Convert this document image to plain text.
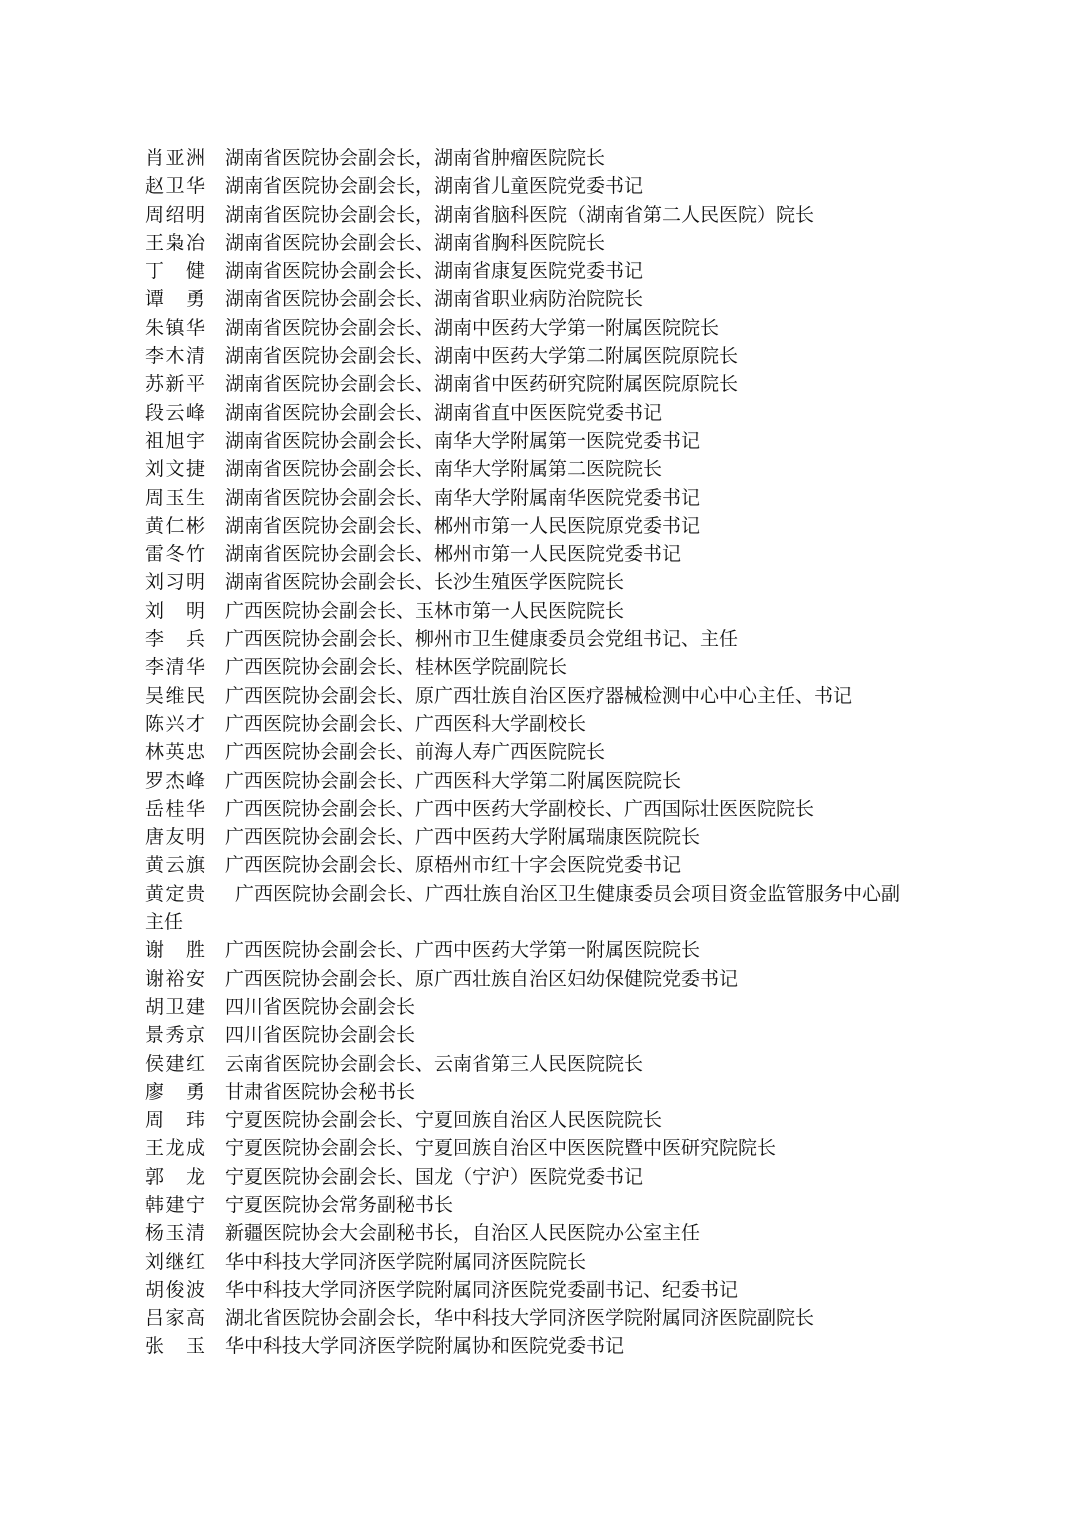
肖亚洲 湖南省医院协会副会长，湖南省肿瘤医院院长
赵卫华 湖南省医院协会副会长，湖南省儿童医院党委书记
周绍明 湖南省医院协会副会长，湖南省脑科医院（湖南省第二人民医院）院长
王枭冶 湖南省医院协会副会长、湖南省胸科医院院长
丁　健 湖南省医院协会副会长、湖南省康复医院党委书记
谭　勇 湖南省医院协会副会长、湖南省职业病防治院院长
朱镇华 湖南省医院协会副会长、湖南中医药大学第一附属医院院长
李木清 湖南省医院协会副会长、湖南中医药大学第二附属医院原院长
苏新平 湖南省医院协会副会长、湖南省中医药研究院附属医院原院长
段云峰 湖南省医院协会副会长、湖南省直中医医院党委书记
祖旭宇 湖南省医院协会副会长、南华大学附属第一医院党委书记
刘文捷 湖南省医院协会副会长、南华大学附属第二医院院长
周玉生 湖南省医院协会副会长、南华大学附属南华医院党委书记
黄仁彬 湖南省医院协会副会长、郴州市第一人民医院原党委书记
雷冬竹 湖南省医院协会副会长、郴州市第一人民医院党委书记
刘习明 湖南省医院协会副会长、长沙生殖医学医院院长
刘　明 广西医院协会副会长、玉林市第一人民医院院长
李　兵 广西医院协会副会长、柳州市卫生健康委员会党组书记、主任
李清华 广西医院协会副会长、桂林医学院副院长
吴维民 广西医院协会副会长、原广西壮族自治区医疗器械检测中心中心主任、书记
陈兴才 广西医院协会副会长、广西医科大学副校长
林英忠 广西医院协会副会长、前海人寿广西医院院长
罗杰峰 广西医院协会副会长、广西医科大学第二附属医院院长
岳桂华 广西医院协会副会长、广西中医药大学副校长、广西国际壮医医院院长
唐友明 广西医院协会副会长、广西中医药大学附属瑞康医院院长
黄云旗 广西医院协会副会长、原梧州市红十字会医院党委书记
黄定贵 广西医院协会副会长、广西壮族自治区卫生健康委员会项目资金监管服务中心副
主任
谢　胜 广西医院协会副会长、广西中医药大学第一附属医院院长
谢裕安 广西医院协会副会长、原广西壮族自治区妇幼保健院党委书记
胡卫建 四川省医院协会副会长
景秀京 四川省医院协会副会长
侯建红 云南省医院协会副会长、云南省第三人民医院院长
廖　勇 甘肃省医院协会秘书长
周　玮 宁夏医院协会副会长、宁夏回族自治区人民医院院长
王龙成 宁夏医院协会副会长、宁夏回族自治区中医医院暨中医研究院院长
郭　龙 宁夏医院协会副会长、国龙（宁沪）医院党委书记
韩建宁 宁夏医院协会常务副秘书长
杨玉清 新疆医院协会大会副秘书长，自治区人民医院办公室主任
刘继红 华中科技大学同济医学院附属同济医院院长
胡俊波 华中科技大学同济医学院附属同济医院党委副书记、纪委书记
吕家高 湖北省医院协会副会长，华中科技大学同济医学院附属同济医院副院长
张　玉 华中科技大学同济医学院附属协和医院党委书记
